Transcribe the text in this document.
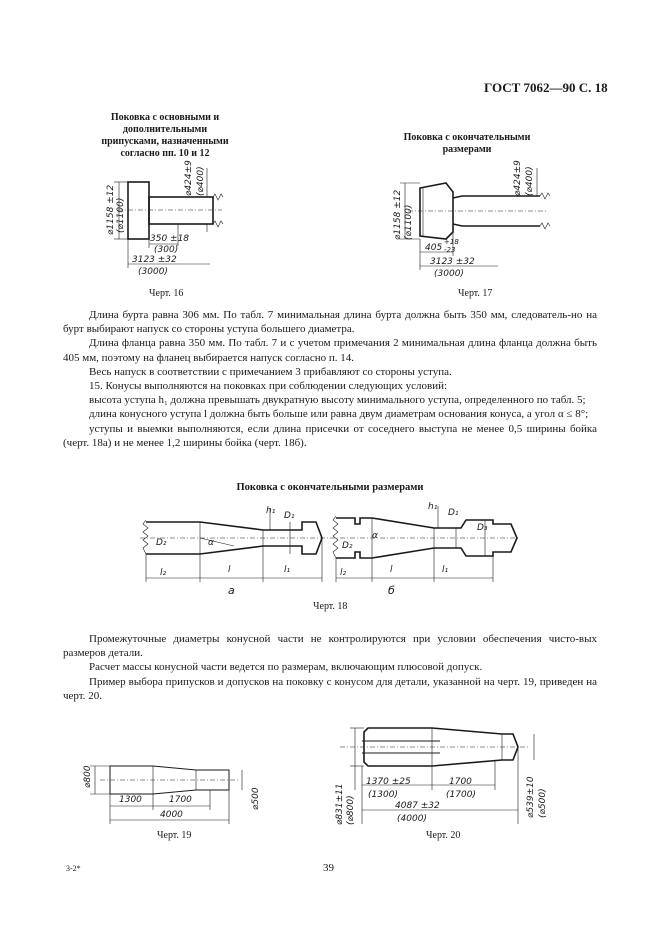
ГОСТ 7062—90 С. 18
Поковка с основными и
дополнительными
припусками, назначенными
согласно пп. 10 и 12
⌀1158 ±12 (⌀1100)
⌀424±9 (⌀400)
350 ±18
(300)
3123 ±32
(3000)
Черт. 16
Поковка с окончательными
размерами
⌀1158 ±12 (⌀1100)
⌀424±9 (⌀400)
405
+18
-23
3123 ±32
(3000)
Черт. 17

Длина бурта равна 306 мм. По табл. 7 минимальная длина бурта должна быть 350 мм, следователь-но на бурт выбирают напуск со стороны уступа большего диаметра.

Длина фланца равна 350 мм. По табл. 7 и с учетом примечания 2 минимальная длина фланца должна быть 405 мм, поэтому на фланец выбирается напуск согласно п. 14.

Весь напуск в соответствии с примечанием 3 прибавляют со стороны уступа.

15. Конусы выполняются на поковках при соблюдении следующих условий:

высота уступа h₁ должна превышать двукратную высоту минимального уступа, определенного по табл. 5;

длина конусного уступа l должна быть больше или равна двум диаметрам основания конуса, а угол α ≤ 8°;

уступы и выемки выполняются, если длина присечки от соседнего выступа не менее 0,5 ширины бойка (черт. 18а) и не менее 1,2 ширины бойка (черт. 18б).

Поковка с окончательными размерами
D₂	α
h₁ D₁
l₂	l	l₁
а
D₂
α
h₁
D₁
D₃
l₂	l	l₁
б
Черт. 18

Промежуточные диаметры конусной части не контролируются при условии обеспечения чисто-вых размеров детали.

Расчет массы конусной части ведется по размерам, включающим плюсовой допуск.

Пример выбора припусков и допусков на поковку с конусом для детали, указанной на черт. 19, приведен на черт. 20.

⌀800
1300	1700	⌀500
4000
Черт. 19
⌀831±11 (⌀800)
1370 ±25
(1300)
1700
(1700)
4087 ±32
(4000)
⌀539±10 (⌀500)
Черт. 20
3-2*	39
